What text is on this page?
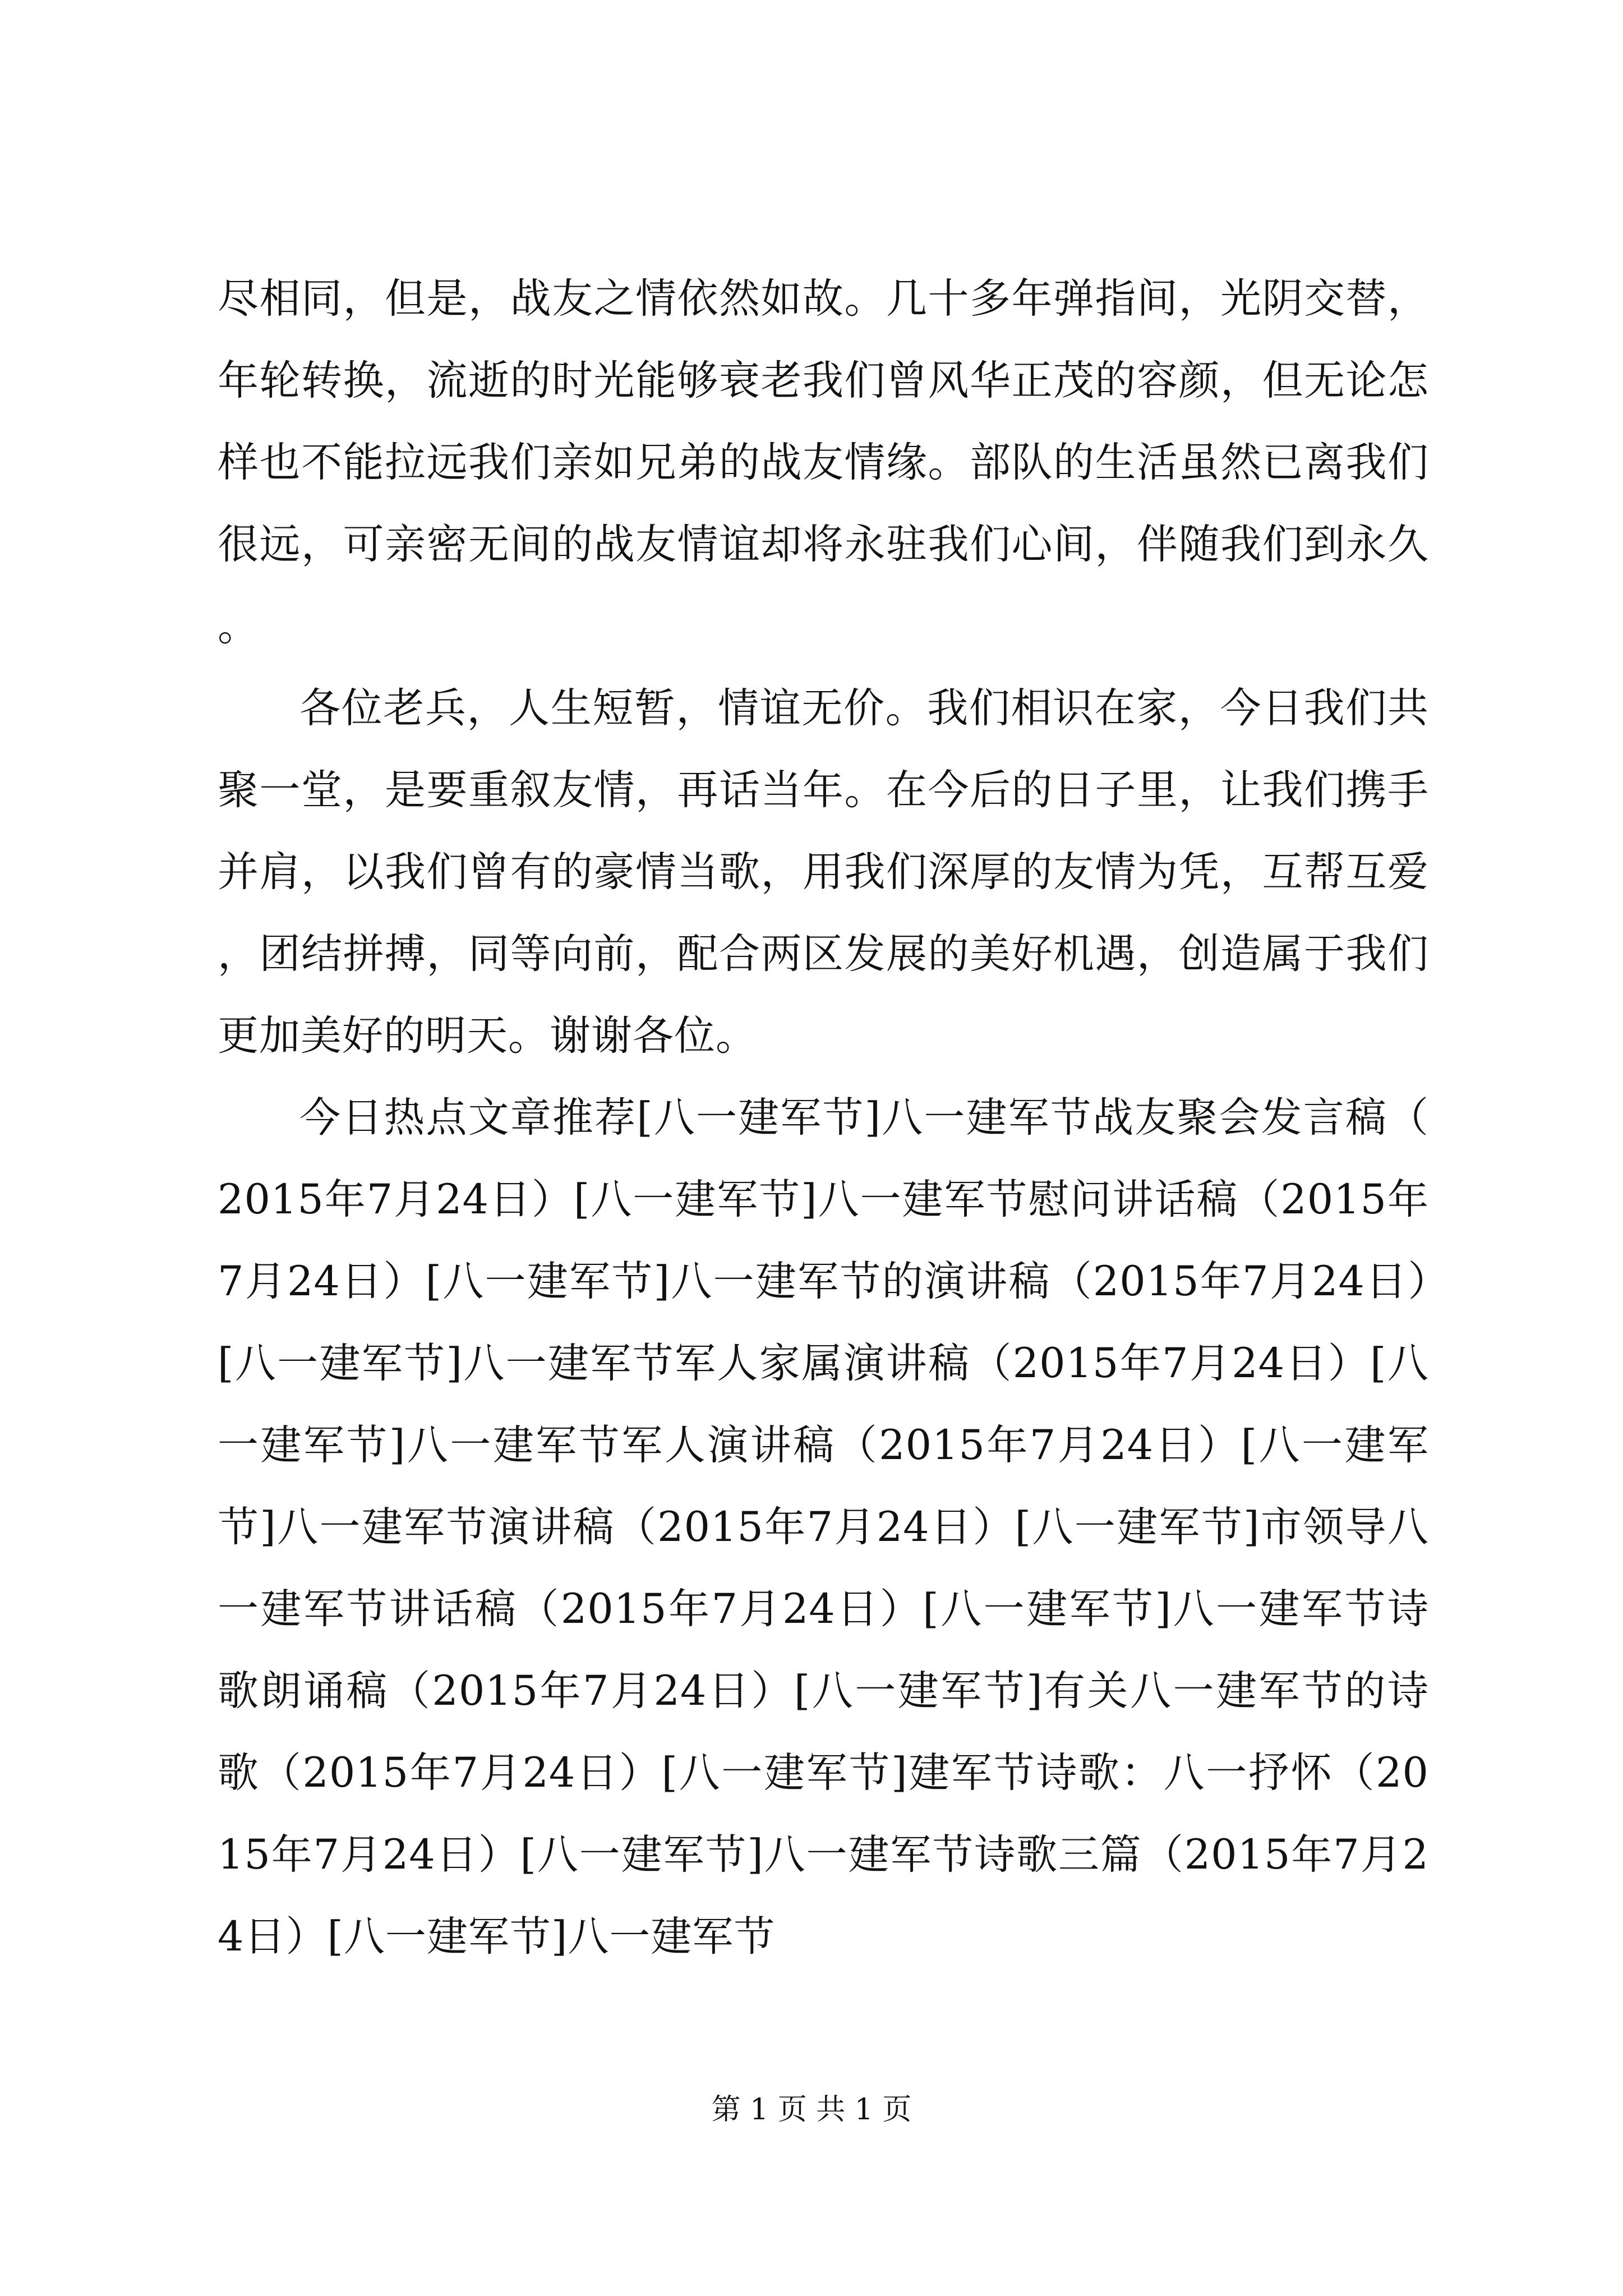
尽相同，但是，战友之情依然如故。几十多年弹指间，光阴交替，年轮转换，流逝的时光能够衰老我们曾风华正茂的容颜，但无论怎样也不能拉远我们亲如兄弟的战友情缘。部队的生活虽然已离我们很远，可亲密无间的战友情谊却将永驻我们心间，伴随我们到永久。

各位老兵，人生短暂，情谊无价。我们相识在家，今日我们共聚一堂，是要重叙友情，再话当年。在今后的日子里，让我们携手并肩，以我们曾有的豪情当歌，用我们深厚的友情为凭，互帮互爱，团结拼搏，同等向前，配合两区发展的美好机遇，创造属于我们更加美好的明天。谢谢各位。

今日热点文章推荐[八一建军节]八一建军节战友聚会发言稿（2015年7月24日）[八一建军节]八一建军节慰问讲话稿（2015年7月24日）[八一建军节]八一建军节的演讲稿（2015年7月24日）[八一建军节]八一建军节军人家属演讲稿（2015年7月24日）[八一建军节]八一建军节军人演讲稿（2015年7月24日）[八一建军节]八一建军节演讲稿（2015年7月24日）[八一建军节]市领导八一建军节讲话稿（2015年7月24日）[八一建军节]八一建军节诗歌朗诵稿（2015年7月24日）[八一建军节]有关八一建军节的诗歌（2015年7月24日）[八一建军节]建军节诗歌：八一抒怀（2015年7月24日）[八一建军节]八一建军节诗歌三篇（2015年7月24日）[八一建军节]八一建军节

第 1 页 共 1 页
